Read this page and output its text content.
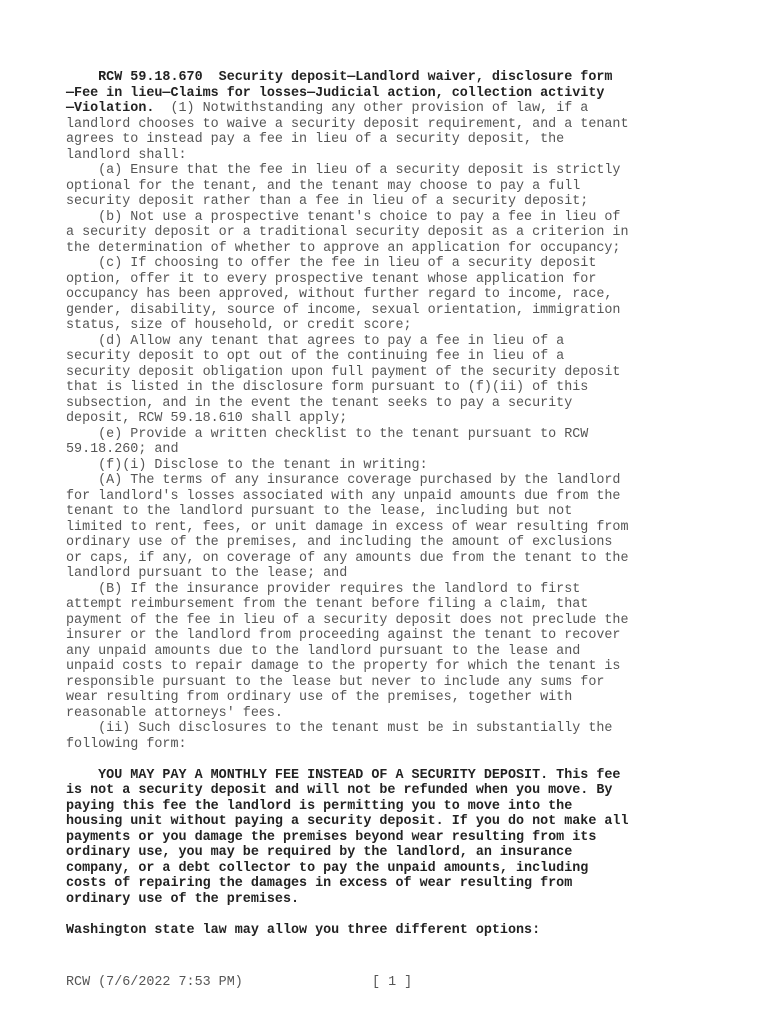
RCW 59.18.670  Security deposit—Landlord waiver, disclosure form
—Fee in lieu—Claims for losses—Judicial action, collection activity
—Violation.  (1) Notwithstanding any other provision of law, if a
landlord chooses to waive a security deposit requirement, and a tenant
agrees to instead pay a fee in lieu of a security deposit, the
landlord shall:
(a) Ensure that the fee in lieu of a security deposit is strictly
optional for the tenant, and the tenant may choose to pay a full
security deposit rather than a fee in lieu of a security deposit;
(b) Not use a prospective tenant's choice to pay a fee in lieu of
a security deposit or a traditional security deposit as a criterion in
the determination of whether to approve an application for occupancy;
(c) If choosing to offer the fee in lieu of a security deposit
option, offer it to every prospective tenant whose application for
occupancy has been approved, without further regard to income, race,
gender, disability, source of income, sexual orientation, immigration
status, size of household, or credit score;
(d) Allow any tenant that agrees to pay a fee in lieu of a
security deposit to opt out of the continuing fee in lieu of a
security deposit obligation upon full payment of the security deposit
that is listed in the disclosure form pursuant to (f)(ii) of this
subsection, and in the event the tenant seeks to pay a security
deposit, RCW 59.18.610 shall apply;
(e) Provide a written checklist to the tenant pursuant to RCW
59.18.260; and
(f)(i) Disclose to the tenant in writing:
(A) The terms of any insurance coverage purchased by the landlord
for landlord's losses associated with any unpaid amounts due from the
tenant to the landlord pursuant to the lease, including but not
limited to rent, fees, or unit damage in excess of wear resulting from
ordinary use of the premises, and including the amount of exclusions
or caps, if any, on coverage of any amounts due from the tenant to the
landlord pursuant to the lease; and
(B) If the insurance provider requires the landlord to first
attempt reimbursement from the tenant before filing a claim, that
payment of the fee in lieu of a security deposit does not preclude the
insurer or the landlord from proceeding against the tenant to recover
any unpaid amounts due to the landlord pursuant to the lease and
unpaid costs to repair damage to the property for which the tenant is
responsible pursuant to the lease but never to include any sums for
wear resulting from ordinary use of the premises, together with
reasonable attorneys' fees.
(ii) Such disclosures to the tenant must be in substantially the
following form:
YOU MAY PAY A MONTHLY FEE INSTEAD OF A SECURITY DEPOSIT. This fee
is not a security deposit and will not be refunded when you move. By
paying this fee the landlord is permitting you to move into the
housing unit without paying a security deposit. If you do not make all
payments or you damage the premises beyond wear resulting from its
ordinary use, you may be required by the landlord, an insurance
company, or a debt collector to pay the unpaid amounts, including
costs of repairing the damages in excess of wear resulting from
ordinary use of the premises.
Washington state law may allow you three different options:
RCW (7/6/2022 7:53 PM)	[ 1 ]
